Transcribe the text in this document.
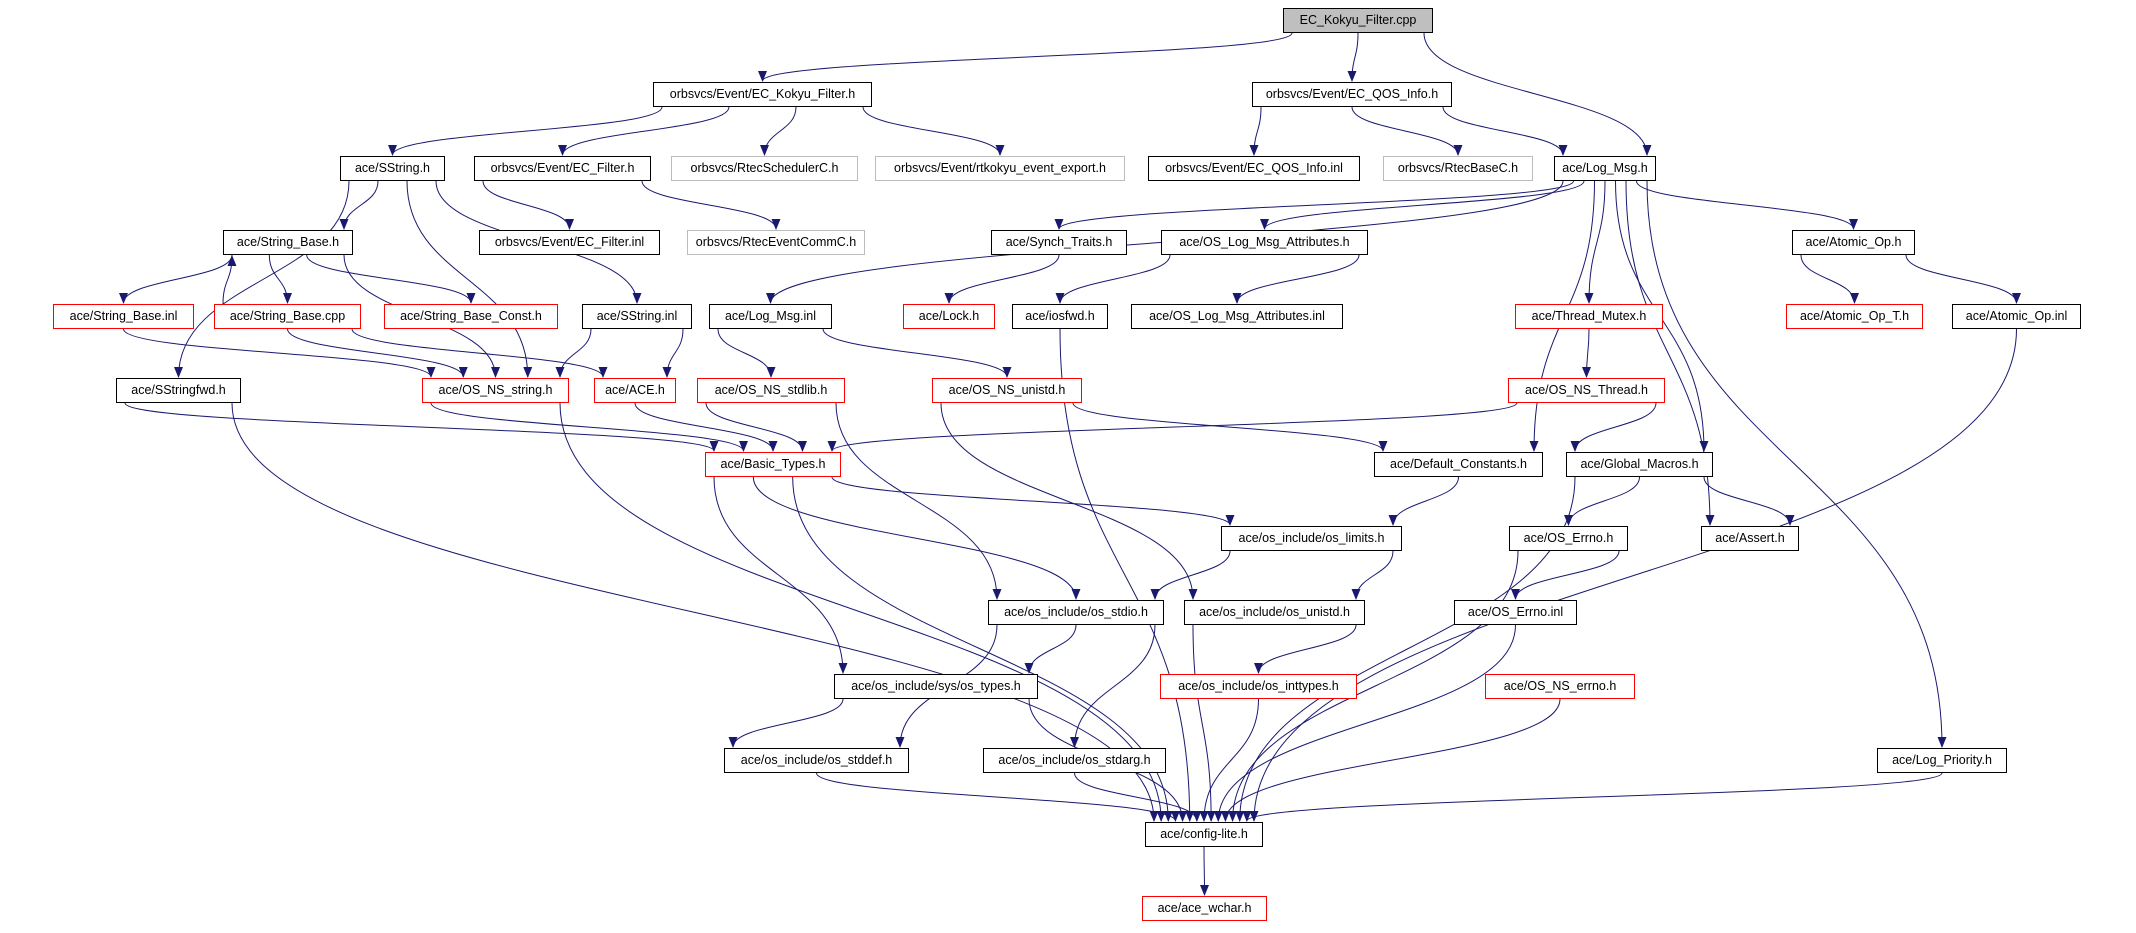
EC_Kokyu_Filter.cpp
orbsvcs/Event/EC_Kokyu_Filter.h	orbsvcs/Event/EC_QOS_Info.h
ace/SString.h	orbsvcs/Event/EC_Filter.h	orbsvcs/RtecSchedulerC.h	orbsvcs/Event/rtkokyu_event_export.h	orbsvcs/Event/EC_QOS_Info.inl	orbsvcs/RtecBaseC.h	ace/Log_Msg.h
ace/String_Base.h	orbsvcs/Event/EC_Filter.inl	orbsvcs/RtecEventCommC.h	ace/Synch_Traits.h	ace/OS_Log_Msg_Attributes.h	ace/Atomic_Op.h
ace/String_Base.inl	ace/String_Base.cpp	ace/String_Base_Const.h	ace/SString.inl	ace/Log_Msg.inl	ace/Lock.h	ace/iosfwd.h	ace/OS_Log_Msg_Attributes.inl	ace/Thread_Mutex.h	ace/Atomic_Op_T.h	ace/Atomic_Op.inl
ace/SStringfwd.h	ace/OS_NS_string.h	ace/ACE.h	ace/OS_NS_stdlib.h	ace/OS_NS_unistd.h	ace/OS_NS_Thread.h
ace/Basic_Types.h	ace/Default_Constants.h	ace/Global_Macros.h
ace/os_include/os_limits.h	ace/OS_Errno.h	ace/Assert.h
ace/os_include/os_stdio.h	ace/os_include/os_unistd.h	ace/OS_Errno.inl
ace/os_include/sys/os_types.h	ace/os_include/os_inttypes.h	ace/OS_NS_errno.h
ace/os_include/os_stddef.h	ace/os_include/os_stdarg.h	ace/Log_Priority.h
ace/config-lite.h
ace/ace_wchar.h
